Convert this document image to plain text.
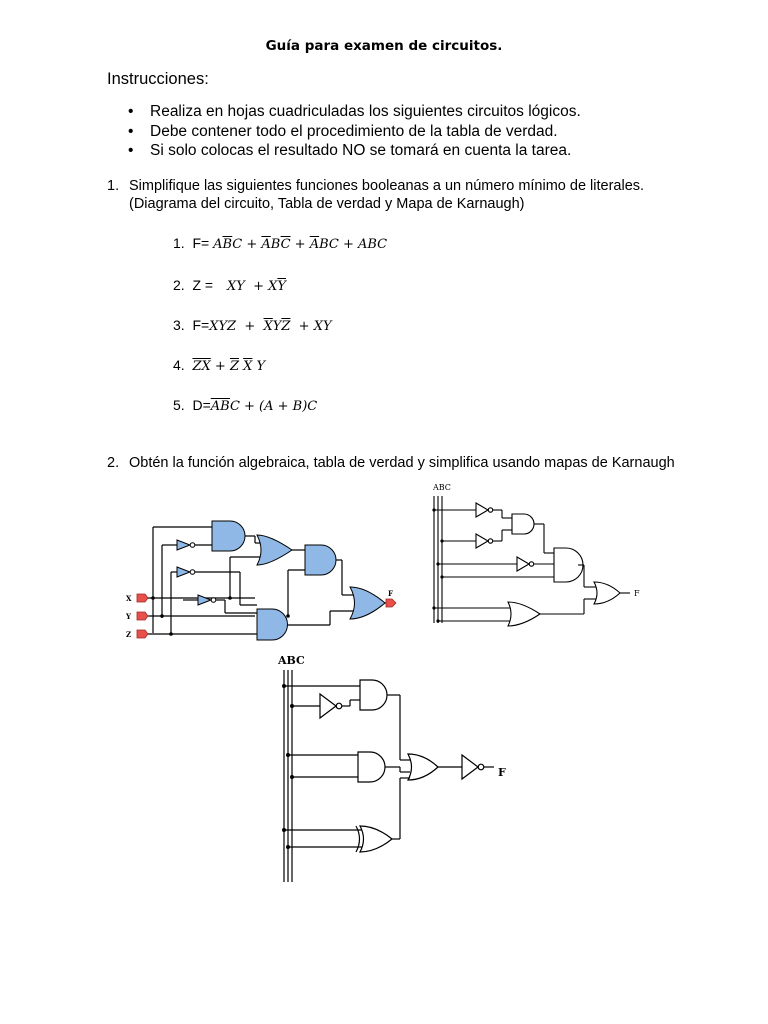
Guía para examen de circuitos.
Instrucciones:
• Realiza en hojas cuadriculadas los siguientes circuitos lógicos.
• Debe contener todo el procedimiento de la tabla de verdad.
• Si solo colocas el resultado NO se tomará en cuenta la tarea.
1. Simplifique las siguientes funciones booleanas a un número mínimo de literales.
(Diagrama del circuito, Tabla de verdad y Mapa de Karnaugh)
1. $F= A\overline{B}C + \overline{A}B\overline{C} + \overline{A}BC$ + ABC
2. Z = XY  + $X\overline{Y}$
3. $F=XYZ + \overline{X}Y\overline{Z}$  + XY
4. $\overline{ZX} + \overline{Z}$ $\overline{X}$ Y
5. $D=\overline{AB}C + (A + B)C$
2. Obtén la función algebraica, tabla de verdad y simplifica usando mapas de Karnaugh
X
Y
Z
F
ABC
F
ABC
F
